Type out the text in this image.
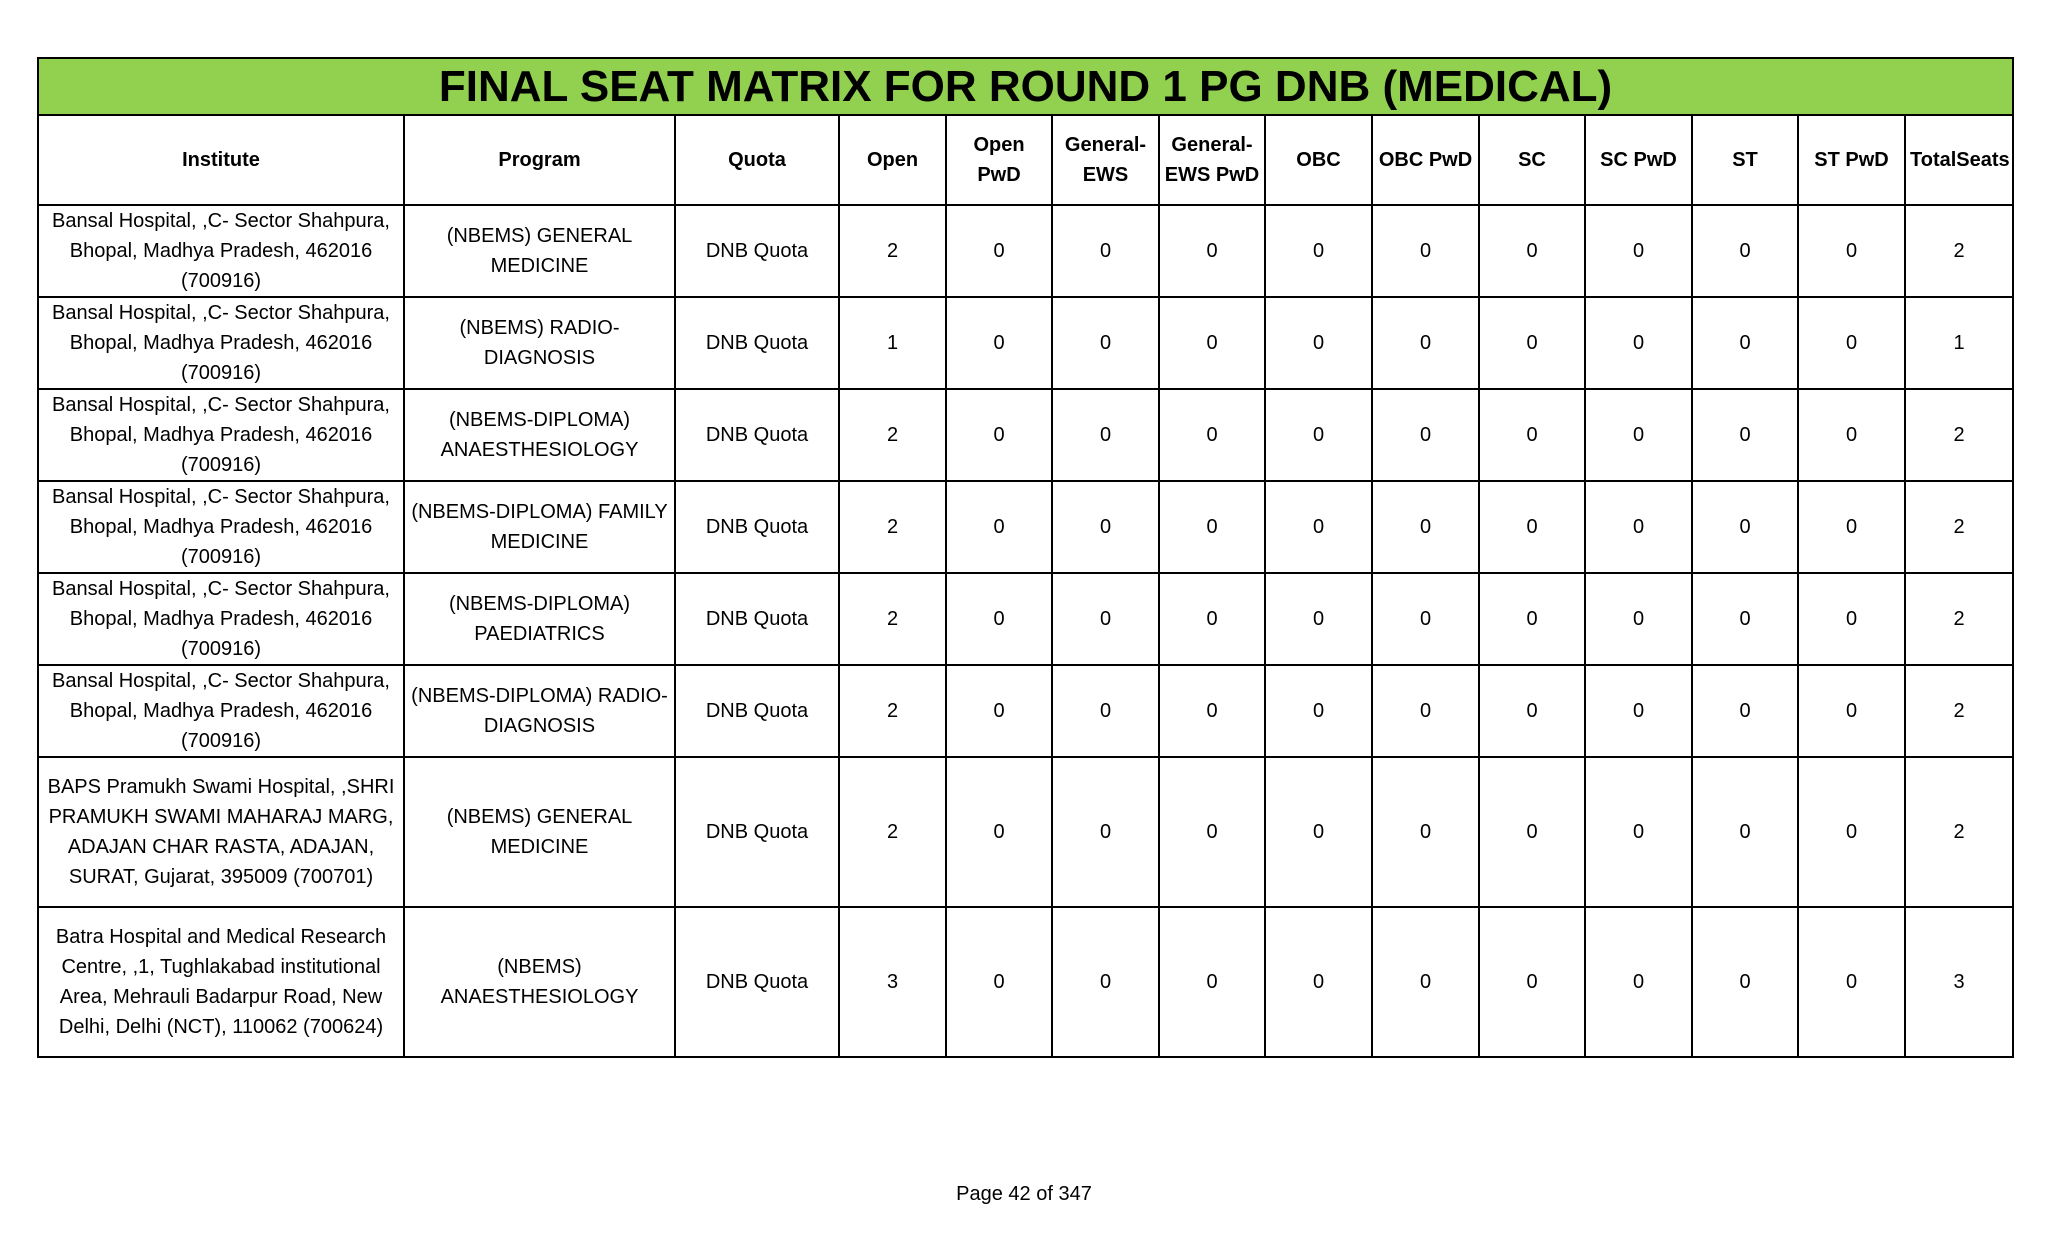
FINAL SEAT MATRIX FOR ROUND 1 PG DNB (MEDICAL)													
Institute	Program	Quota	Open	Open PwD	General-EWS	General-EWS PwD	OBC	OBC PwD	SC	SC PwD	ST	ST PwD	TotalSeats
Bansal Hospital, ,C- Sector Shahpura, Bhopal, Madhya Pradesh, 462016 (700916)	(NBEMS) GENERAL MEDICINE	DNB Quota	2	0	0	0	0	0	0	0	0	0	2
Bansal Hospital, ,C- Sector Shahpura, Bhopal, Madhya Pradesh, 462016 (700916)	(NBEMS) RADIO-DIAGNOSIS	DNB Quota	1	0	0	0	0	0	0	0	0	0	1
Bansal Hospital, ,C- Sector Shahpura, Bhopal, Madhya Pradesh, 462016 (700916)	(NBEMS-DIPLOMA) ANAESTHESIOLOGY	DNB Quota	2	0	0	0	0	0	0	0	0	0	2
Bansal Hospital, ,C- Sector Shahpura, Bhopal, Madhya Pradesh, 462016 (700916)	(NBEMS-DIPLOMA) FAMILY MEDICINE	DNB Quota	2	0	0	0	0	0	0	0	0	0	2
Bansal Hospital, ,C- Sector Shahpura, Bhopal, Madhya Pradesh, 462016 (700916)	(NBEMS-DIPLOMA) PAEDIATRICS	DNB Quota	2	0	0	0	0	0	0	0	0	0	2
Bansal Hospital, ,C- Sector Shahpura, Bhopal, Madhya Pradesh, 462016 (700916)	(NBEMS-DIPLOMA) RADIO-DIAGNOSIS	DNB Quota	2	0	0	0	0	0	0	0	0	0	2
BAPS Pramukh Swami Hospital, ,SHRI PRAMUKH SWAMI MAHARAJ MARG, ADAJAN CHAR RASTA, ADAJAN, SURAT, Gujarat, 395009 (700701)	(NBEMS) GENERAL MEDICINE	DNB Quota	2	0	0	0	0	0	0	0	0	0	2
Batra Hospital and Medical Research Centre, ,1, Tughlakabad institutional Area, Mehrauli Badarpur Road, New Delhi, Delhi (NCT), 110062 (700624)	(NBEMS) ANAESTHESIOLOGY	DNB Quota	3	0	0	0	0	0	0	0	0	0	3
Page 42 of 347
